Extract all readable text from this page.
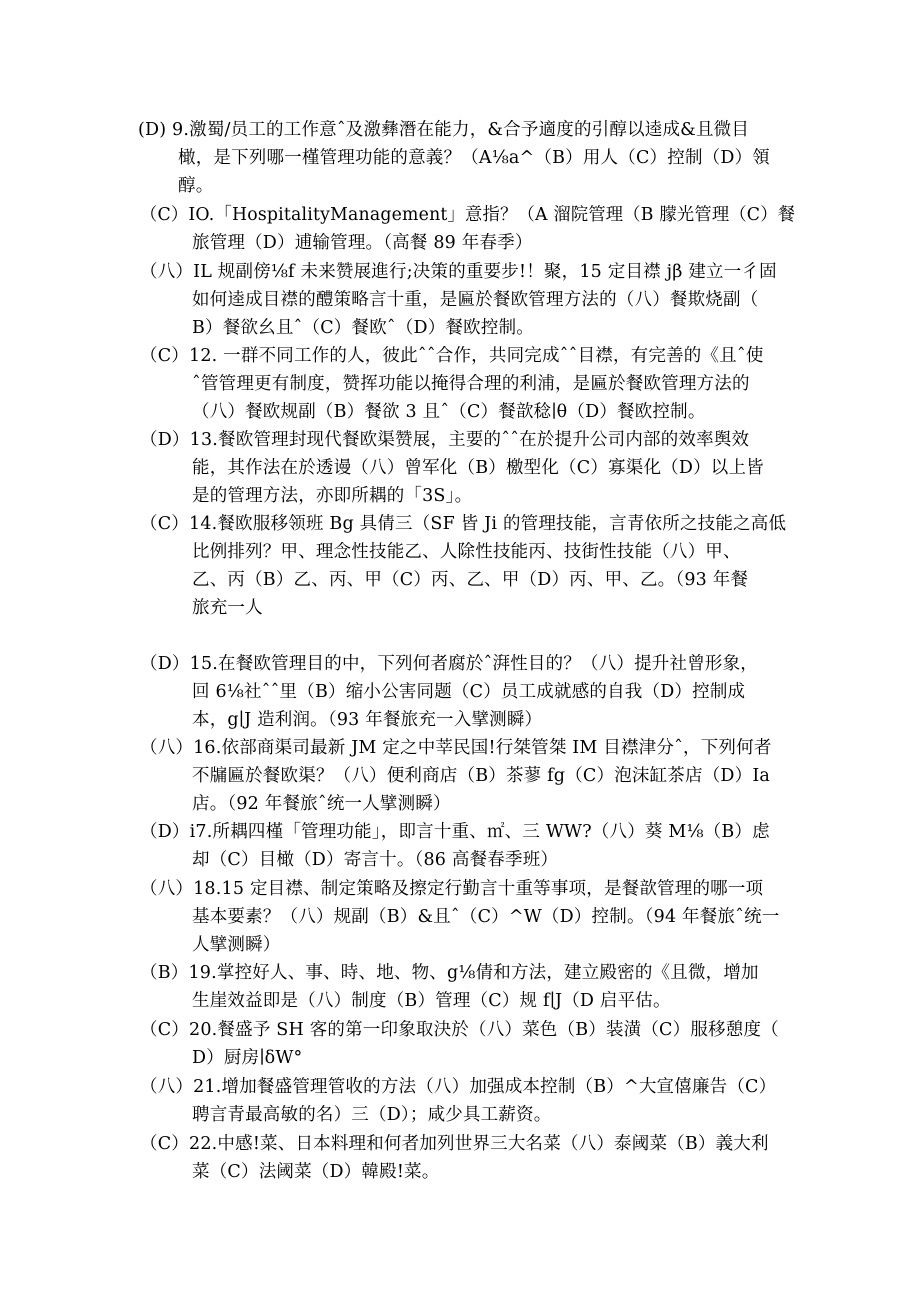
(D) 9.激蜀/员工的工作意ˆ及激彝潛在能力，&合予適度的引醇以逵成&且微目
橄，是下列哪一槿管理功能的意義？（A⅛a^（B）用人（C）控制（D）領
醇。
（C）IO.「HospitalityManagement」意指？（A 溜院管理（B 朦光管理（C）餐
旅管理（D）逋输管理。（高餐 89 年春季）
（八）IL 规副傍⅛f 未来赞展進行;决策的重要步!！聚，15 定目襟 jβ 建立一彳固
如何逵成目襟的醴策略言十重，是匾於餐欧管理方法的（八）餐欺烧副（
B）餐欲幺且ˆ（C）餐欧ˆ（D）餐欧控制。
（C）12. 一群不同工作的人，彼此ˆˆ合作，共同完成ˆˆ目襟，有完善的《且ˆ使
ˆ管管理更有制度，赞挥功能以掩得合理的利浦，是匾於餐欧管理方法的
（八）餐欧规副（B）餐欲 3 且ˆ（C）餐歆稔∣θ（D）餐欧控制。
（D）13.餐欧管理封现代餐欧渠赞展，主要的ˆˆ在於提升公司内部的效率舆效
能，其作法在於透谩（八）曾军化（B）檄型化（C）寡渠化（D）以上皆
是的管理方法，亦即所耦的「3S」。
（C）14.餐欧服移领班 Bg 具倩三（SF 皆 Ji 的管理技能，言青依所之技能之高低
比例排列？甲、理念性技能乙、人除性技能丙、技街性技能（八）甲、
乙、丙（B）乙、丙、甲（C）丙、乙、甲（D）丙、甲、乙。（93 年餐
旅充一人
（D）15.在餐欧管理目的中，下列何者腐於ˆ湃性目的？（八）提升社曾形象，
回 6⅛社ˆˆ里（B）缩小公害同题（C）员工成就感的自我（D）控制成
本，g∣J 造利润。（93 年餐旅充一入擘测瞬）
（八）16.依部商渠司最新 JM 定之中莘民国!行桀管桀 IM 目襟津分ˆ，下列何者
不牖匾於餐欧渠？（八）便利商店（B）茶蓼 fg（C）泡沫缸茶店（D）Ia
店。（92 年餐旅ˆ统一人擘测瞬）
（D）i7.所耦四槿「管理功能」，即言十重、㎡、三 WW?（八）葵 M⅛（B）虑
却（C）目橄（D）寄言十。（86 高餐春季班）
（八）18.15 定目襟、制定策略及擦定行勤言十重等事项，是餐歆管理的哪一项
基本要素？（八）规副（B）&且ˆ（C）^W（D）控制。（94 年餐旅ˆ统一
人擘测瞬）
（B）19.掌控好人、事、時、地、物、g⅛倩和方法，建立殿密的《且微，增加
生崖效益即是（八）制度（B）管理（C）规 f∣J（D 启平估。
（C）20.餐盛予 SH 客的第一印象取決於（八）菜色（B）装潢（C）服移憩度（
D）厨房∣δW°
（八）21.增加餐盛管理管收的方法（八）加强成本控制（B）^大宣僖廉告（C）
聘言青最高敏的名）三（D）；咸少具工薪资。
（C）22.中感!菜、日本料理和何者加列世界三大名菜（八）泰阈菜（B）義大利
菜（C）法阈菜（D）韓殿!菜。
